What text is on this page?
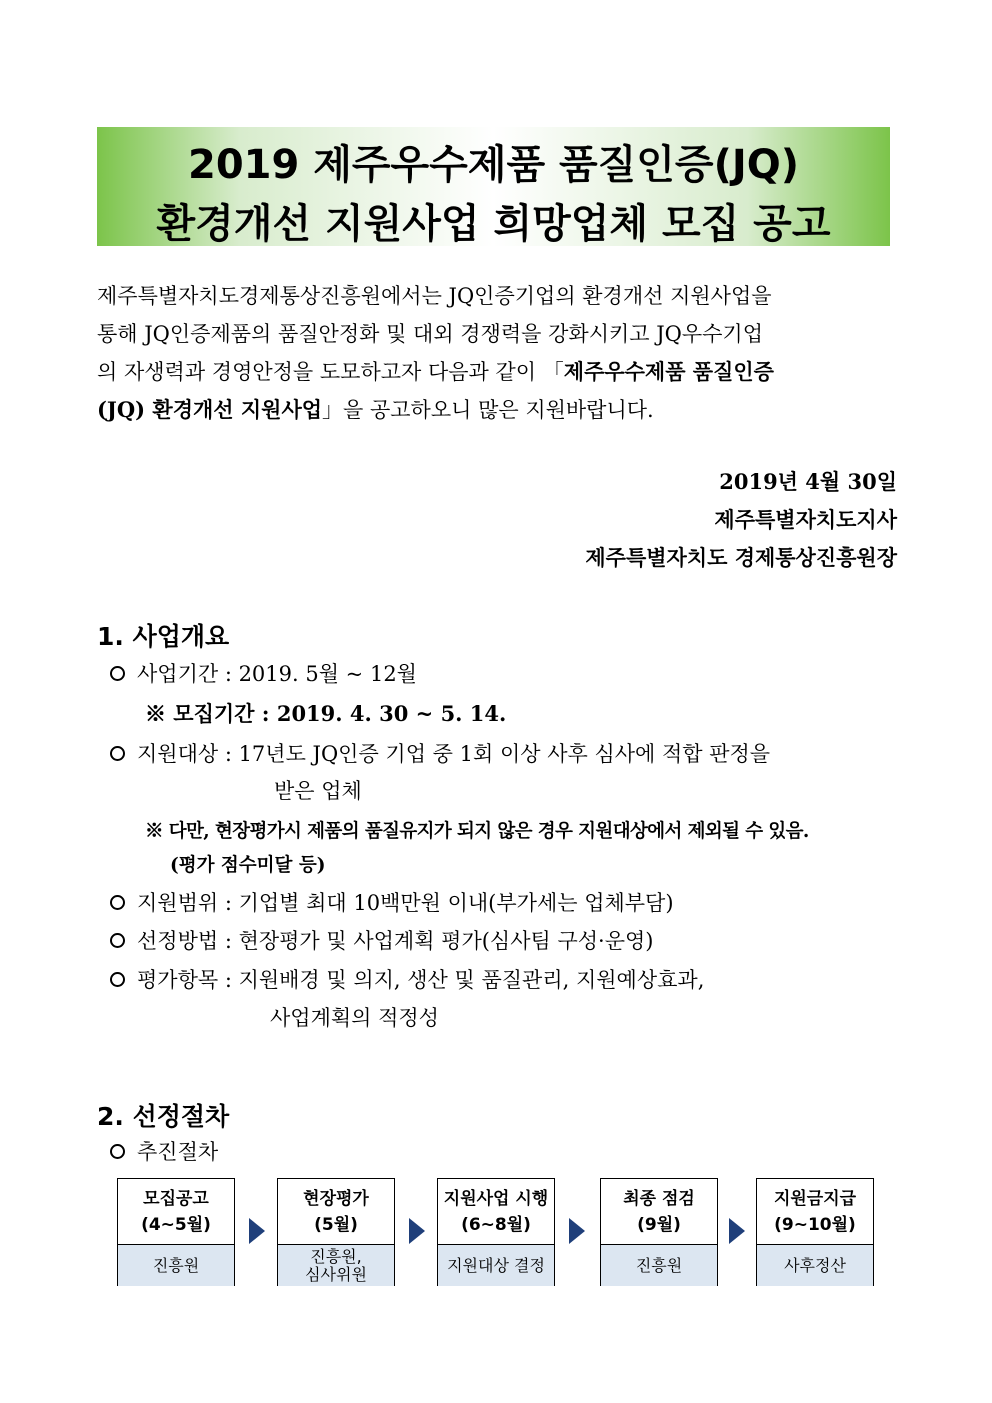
2019 제주우수제품 품질인증(JQ)
환경개선 지원사업 희망업체 모집 공고
제주특별자치도경제통상진흥원에서는 JQ인증기업의 환경개선 지원사업을
통해 JQ인증제품의 품질안정화 및 대외 경쟁력을 강화시키고 JQ우수기업
의 자생력과 경영안정을 도모하고자 다음과 같이 「제주우수제품 품질인증
(JQ) 환경개선 지원사업」을 공고하오니 많은 지원바랍니다.
2019년 4월 30일
제주특별자치도지사
제주특별자치도 경제통상진흥원장
1. 사업개요
사업기간 : 2019. 5월 ~ 12월
※ 모집기간 : 2019. 4. 30 ~ 5. 14.
지원대상 : 17년도 JQ인증 기업 중 1회 이상 사후 심사에 적합 판정을
받은 업체
※ 다만, 현장평가시 제품의 품질유지가 되지 않은 경우 지원대상에서 제외될 수 있음.
(평가 점수미달 등)
지원범위 : 기업별 최대 10백만원 이내(부가세는 업체부담)
선정방법 : 현장평가 및 사업계획 평가(심사팀 구성·운영)
평가항목 : 지원배경 및 의지, 생산 및 품질관리, 지원예상효과,
사업계획의 적정성
2. 선정절차
추진절차
모집공고
(4~5월)
진흥원
현장평가
(5월)
진흥원,
심사위원
지원사업 시행
(6~8월)
지원대상 결정
최종 점검
(9월)
진흥원
지원금지급
(9~10월)
사후정산
